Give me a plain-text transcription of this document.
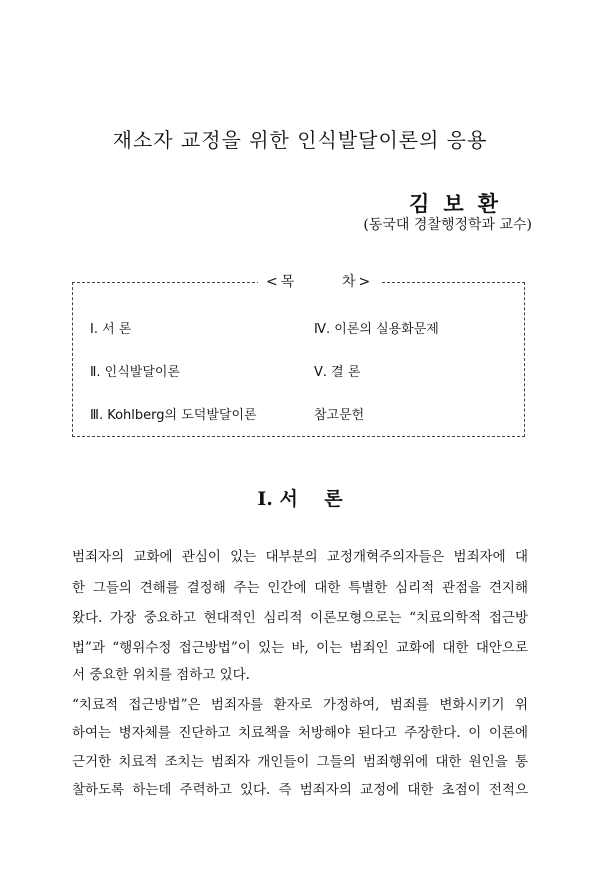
재소자 교정을 위한 인식발달이론의 응용
김보환
(동국대 경찰행정학과 교수)
<목      차>
Ⅰ. 서 론
Ⅱ. 인식발달이론
Ⅲ. Kohlberg의 도덕발달이론
Ⅳ. 이론의 실용화문제
Ⅴ. 결 론
참고문헌
Ⅰ. 서    론
범죄자의 교화에 관심이 있는 대부분의 교정개혁주의자들은 범죄자에 대
한 그들의 견해를 결정해 주는 인간에 대한 특별한 심리적 관점을 견지해
왔다. 가장 중요하고 현대적인 심리적 이론모형으로는 “치료의학적 접근방
법”과 “행위수정 접근방법”이 있는 바, 이는 범죄인 교화에 대한 대안으로
서 중요한 위치를 점하고 있다.
“치료적 접근방법”은 범죄자를 환자로 가정하여, 범죄를 변화시키기 위
하여는 병자체를 진단하고 치료책을 처방해야 된다고 주장한다. 이 이론에
근거한 치료적 조치는 범죄자 개인들이 그들의 범죄행위에 대한 원인을 통
찰하도록 하는데 주력하고 있다. 즉 범죄자의 교정에 대한 초점이 전적으
